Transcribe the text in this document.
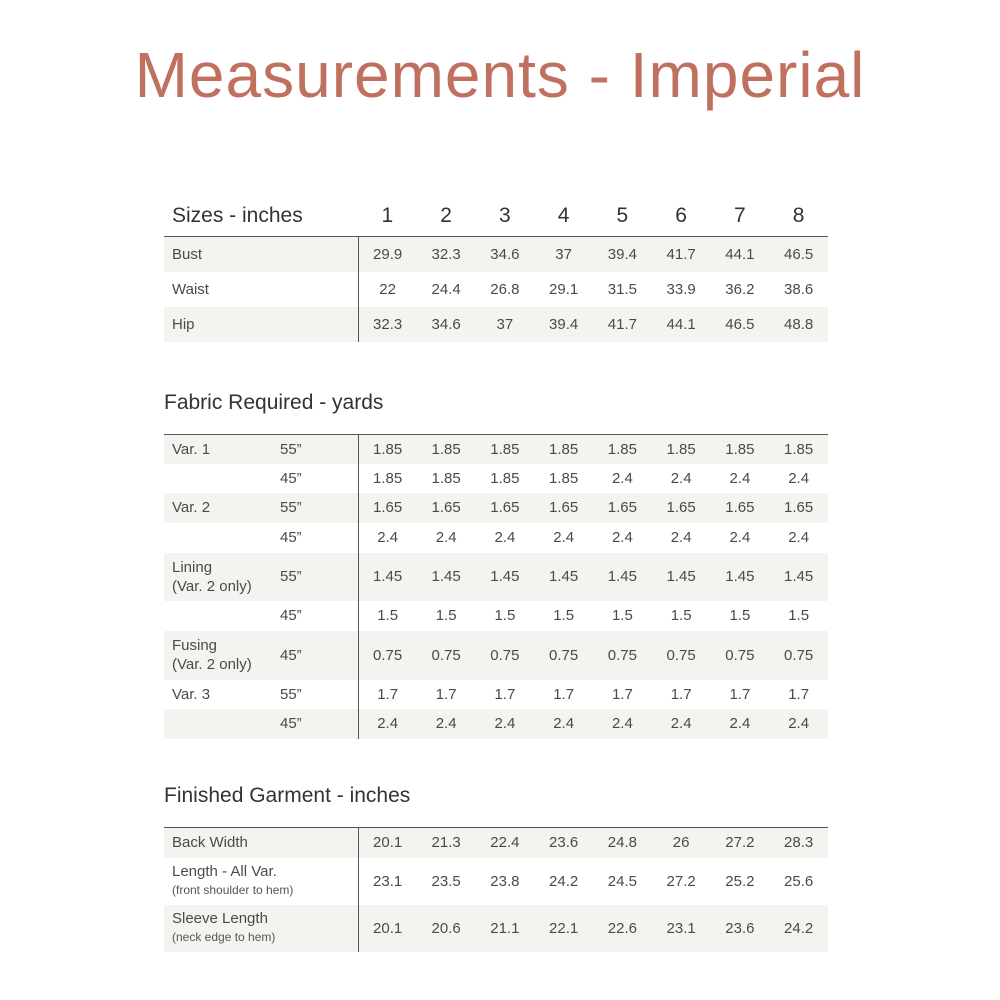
Measurements - Imperial
Sizes - inches	1	2	3	4	5	6	7	8
Bust	29.9	32.3	34.6	37	39.4	41.7	44.1	46.5
Waist	22	24.4	26.8	29.1	31.5	33.9	36.2	38.6
Hip	32.3	34.6	37	39.4	41.7	44.1	46.5	48.8
Fabric Required - yards
Var. 1	55”	1.85	1.85	1.85	1.85	1.85	1.85	1.85	1.85
	45”	1.85	1.85	1.85	1.85	2.4	2.4	2.4	2.4

Var. 2	55”	1.65	1.65	1.65	1.65	1.65	1.65	1.65	1.65
	45”	2.4	2.4	2.4	2.4	2.4	2.4	2.4	2.4

Lining
(Var. 2 only)	55”	1.45	1.45	1.45	1.45	1.45	1.45	1.45	1.45
	45”	1.5	1.5	1.5	1.5	1.5	1.5	1.5	1.5

Fusing
(Var. 2 only)	45”	0.75	0.75	0.75	0.75	0.75	0.75	0.75	0.75

Var. 3	55”	1.7	1.7	1.7	1.7	1.7	1.7	1.7	1.7
	45”	2.4	2.4	2.4	2.4	2.4	2.4	2.4	2.4
Finished Garment - inches
Back Width	20.1	21.3	22.4	23.6	24.8	26	27.2	28.3

Length - All Var.
(front shoulder to hem)	23.1	23.5	23.8	24.2	24.5	27.2	25.2	25.6

Sleeve Length
(neck edge to hem)	20.1	20.6	21.1	22.1	22.6	23.1	23.6	24.2
